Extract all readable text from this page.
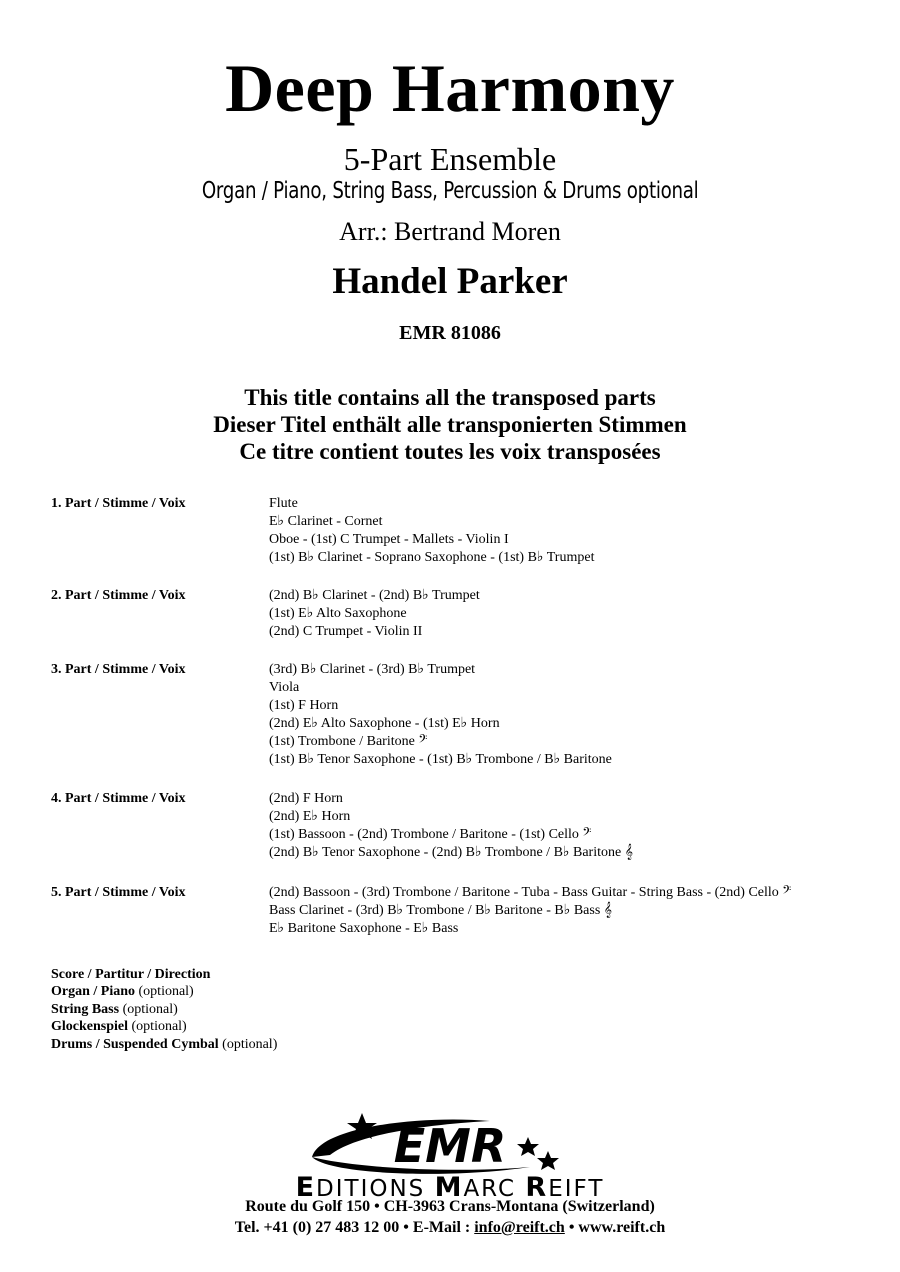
Deep Harmony
5-Part Ensemble
Organ / Piano, String Bass, Percussion & Drums optional
Arr.: Bertrand Moren
Handel Parker
EMR 81086
This title contains all the transposed parts
Dieser Titel enthält alle transponierten Stimmen
Ce titre contient toutes les voix transposées
1. Part / Stimme / Voix	Flute
E♭ Clarinet - Cornet
Oboe - (1st) C Trumpet - Mallets - Violin I
(1st) B♭ Clarinet - Soprano Saxophone - (1st) B♭ Trumpet
2. Part / Stimme / Voix	(2nd) B♭ Clarinet - (2nd) B♭ Trumpet
(1st) E♭ Alto Saxophone
(2nd) C Trumpet - Violin II
3. Part / Stimme / Voix	(3rd) B♭ Clarinet - (3rd) B♭ Trumpet
Viola
(1st) F Horn
(2nd) E♭ Alto Saxophone - (1st) E♭ Horn
(1st) Trombone / Baritone 𝄢
(1st) B♭ Tenor Saxophone - (1st) B♭ Trombone / B♭ Baritone
4. Part / Stimme / Voix	(2nd) F Horn
(2nd) E♭ Horn
(1st) Bassoon - (2nd) Trombone / Baritone - (1st) Cello 𝄢
(2nd) B♭ Tenor Saxophone - (2nd) B♭ Trombone / B♭ Baritone 𝄞
5. Part / Stimme / Voix	(2nd) Bassoon - (3rd) Trombone / Baritone - Tuba - Bass Guitar - String Bass - (2nd) Cello 𝄢
Bass Clarinet - (3rd) B♭ Trombone / B♭ Baritone - B♭ Bass 𝄞
E♭ Baritone Saxophone - E♭ Bass
Score / Partitur / Direction
Organ / Piano (optional)
String Bass (optional)
Glockenspiel (optional)
Drums / Suspended Cymbal (optional)
EMR
EDITIONS MARC REIFT
Route du Golf 150 • CH-3963 Crans-Montana (Switzerland)
Tel. +41 (0) 27 483 12 00 • E-Mail : info@reift.ch • www.reift.ch
